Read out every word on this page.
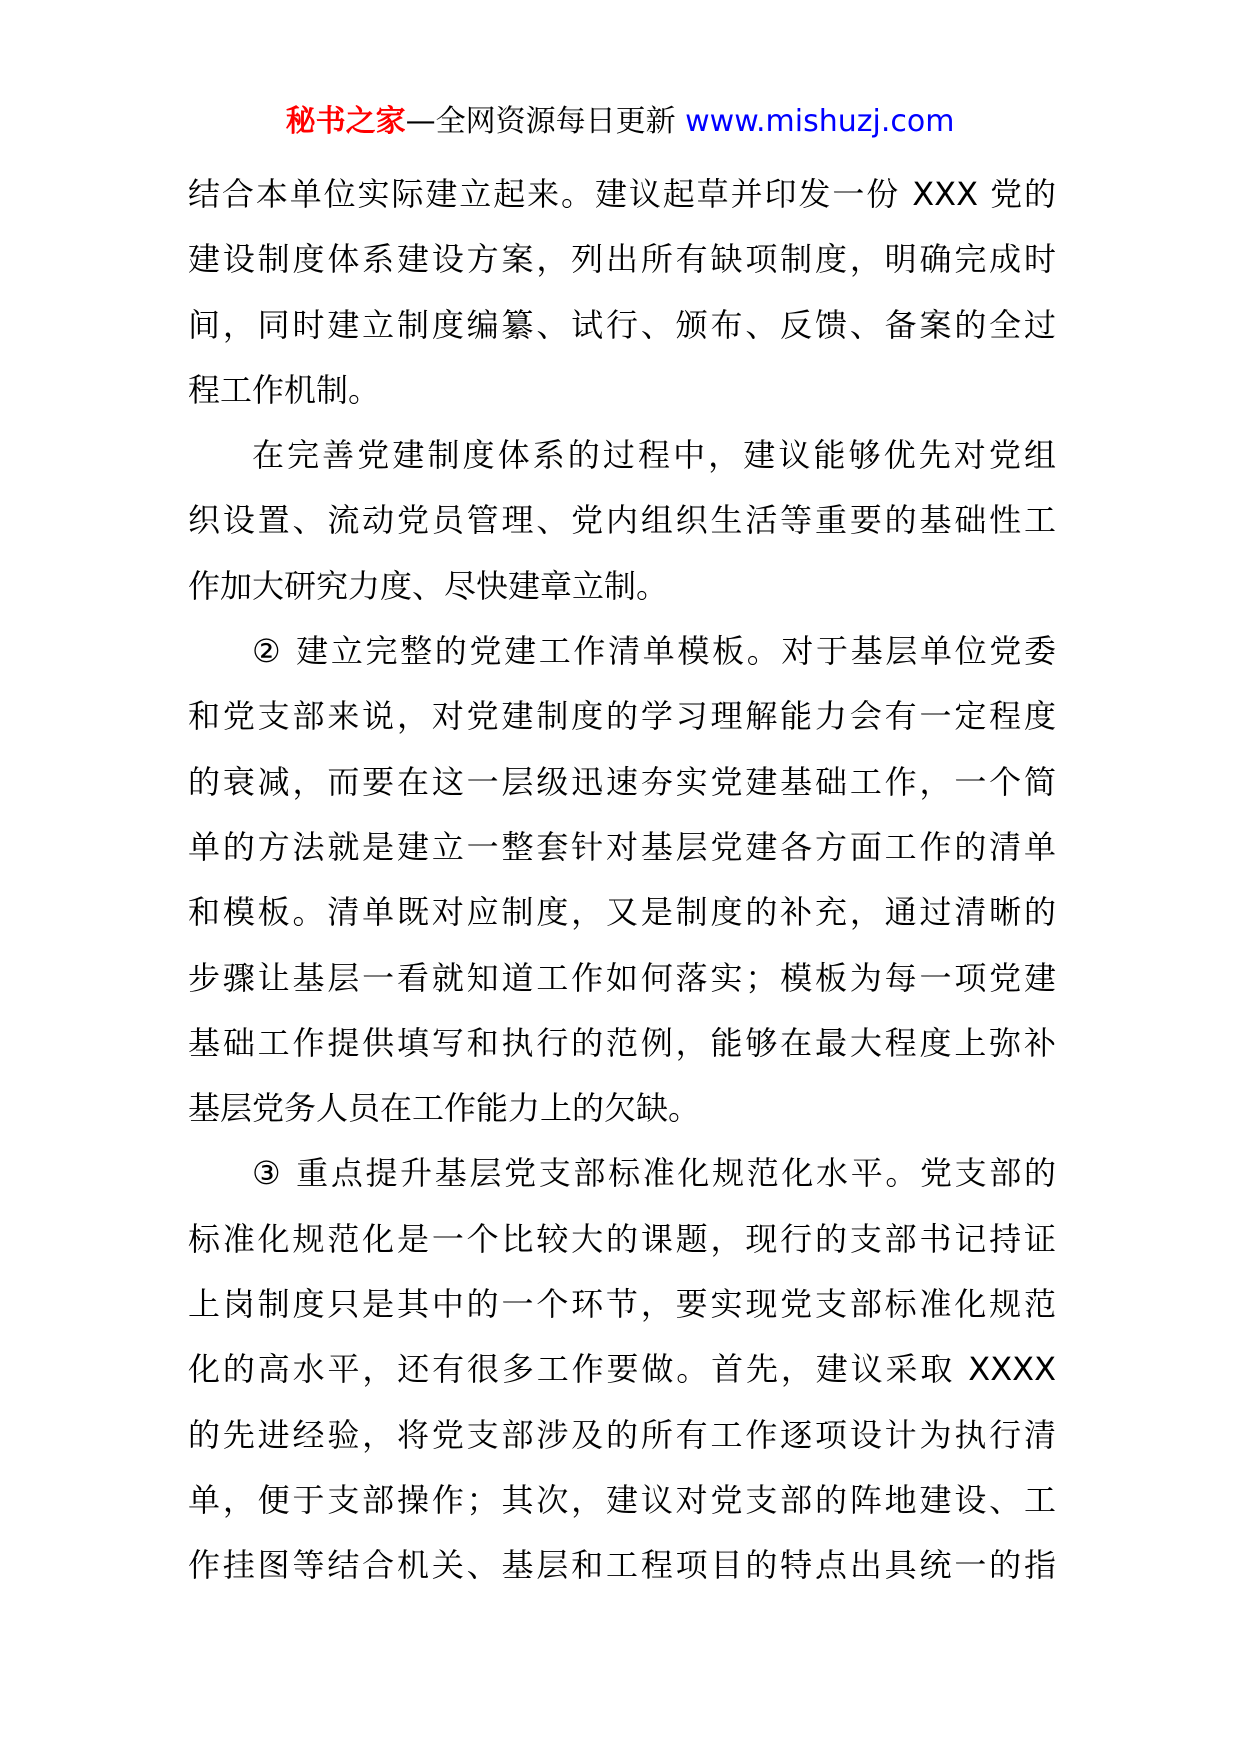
秘书之家—全网资源每日更新 www.mishuzj.com
结合本单位实际建立起来。建议起草并印发一份 XXX 党的
建设制度体系建设方案，列出所有缺项制度，明确完成时
间，同时建立制度编纂、试行、颁布、反馈、备案的全过
程工作机制。
在完善党建制度体系的过程中，建议能够优先对党组
织设置、流动党员管理、党内组织生活等重要的基础性工
作加大研究力度、尽快建章立制。
② 建立完整的党建工作清单模板。对于基层单位党委
和党支部来说，对党建制度的学习理解能力会有一定程度
的衰减，而要在这一层级迅速夯实党建基础工作，一个简
单的方法就是建立一整套针对基层党建各方面工作的清单
和模板。清单既对应制度，又是制度的补充，通过清晰的
步骤让基层一看就知道工作如何落实；模板为每一项党建
基础工作提供填写和执行的范例，能够在最大程度上弥补
基层党务人员在工作能力上的欠缺。
③ 重点提升基层党支部标准化规范化水平。党支部的
标准化规范化是一个比较大的课题，现行的支部书记持证
上岗制度只是其中的一个环节，要实现党支部标准化规范
化的高水平，还有很多工作要做。首先，建议采取 XXXX
的先进经验，将党支部涉及的所有工作逐项设计为执行清
单，便于支部操作；其次，建议对党支部的阵地建设、工
作挂图等结合机关、基层和工程项目的特点出具统一的指
